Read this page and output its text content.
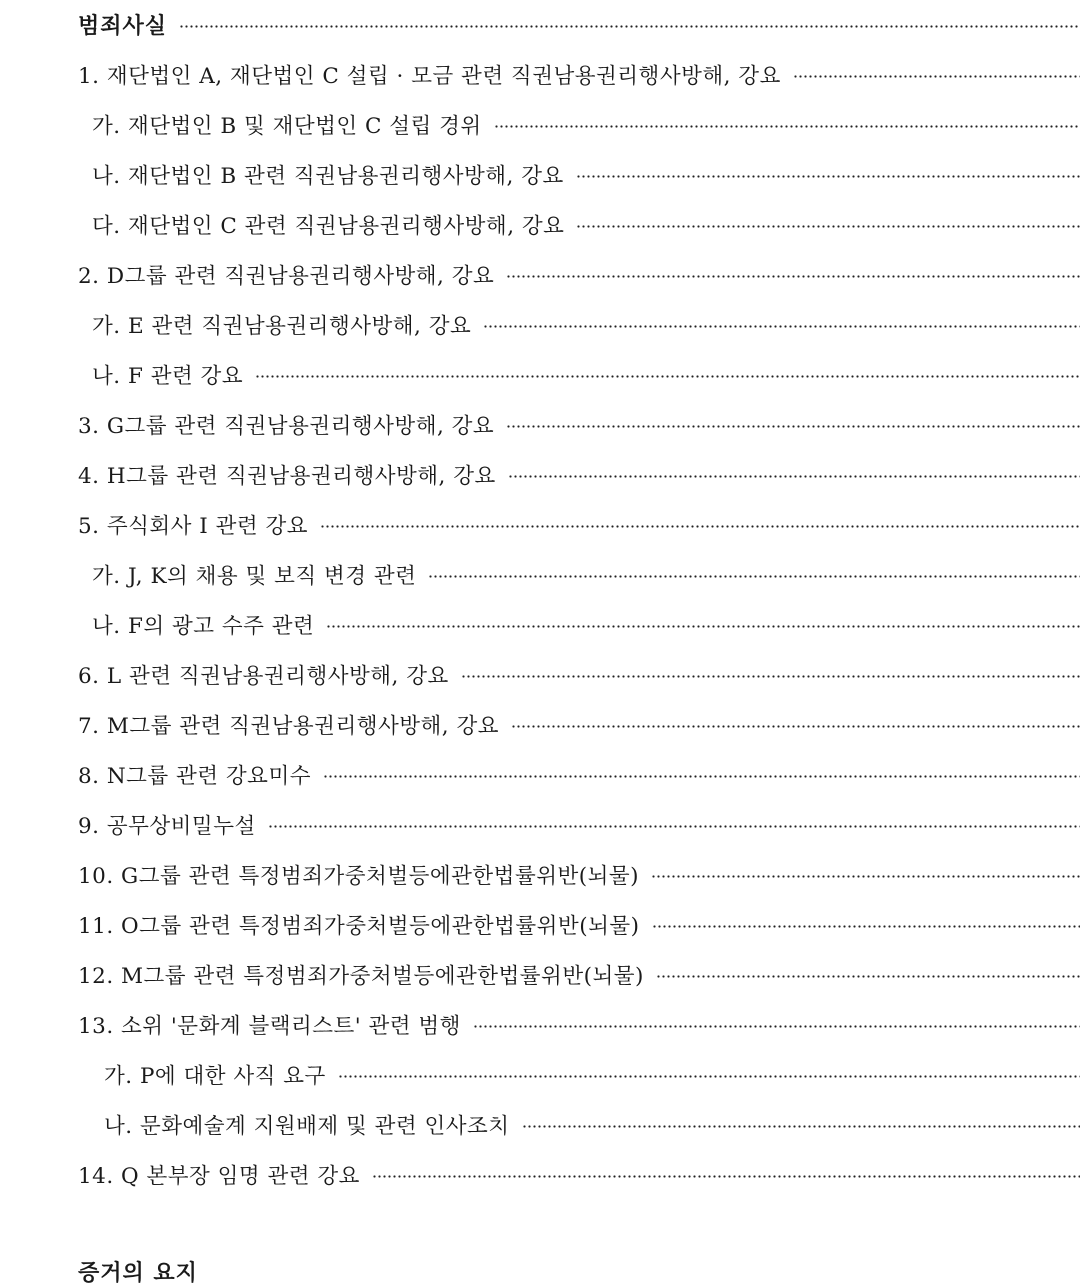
범죄사실
1. 재단법인 A, 재단법인 C 설립 · 모금 관련 직권남용권리행사방해, 강요
가. 재단법인 B 및 재단법인 C 설립 경위
나. 재단법인 B 관련 직권남용권리행사방해, 강요
다. 재단법인 C 관련 직권남용권리행사방해, 강요
2. D그룹 관련 직권남용권리행사방해, 강요
가. E 관련 직권남용권리행사방해, 강요
나. F 관련 강요
3. G그룹 관련 직권남용권리행사방해, 강요
4. H그룹 관련 직권남용권리행사방해, 강요
5. 주식회사 I 관련 강요
가. J, K의 채용 및 보직 변경 관련
나. F의 광고 수주 관련
6. L 관련 직권남용권리행사방해, 강요
7. M그룹 관련 직권남용권리행사방해, 강요
8. N그룹 관련 강요미수
9. 공무상비밀누설
10. G그룹 관련 특정범죄가중처벌등에관한법률위반(뇌물)
11. O그룹 관련 특정범죄가중처벌등에관한법률위반(뇌물)
12. M그룹 관련 특정범죄가중처벌등에관한법률위반(뇌물)
13. 소위 '문화계 블랙리스트' 관련 범행
가. P에 대한 사직 요구
나. 문화예술계 지원배제 및 관련 인사조치
14. Q 본부장 임명 관련 강요
증거의 요지
